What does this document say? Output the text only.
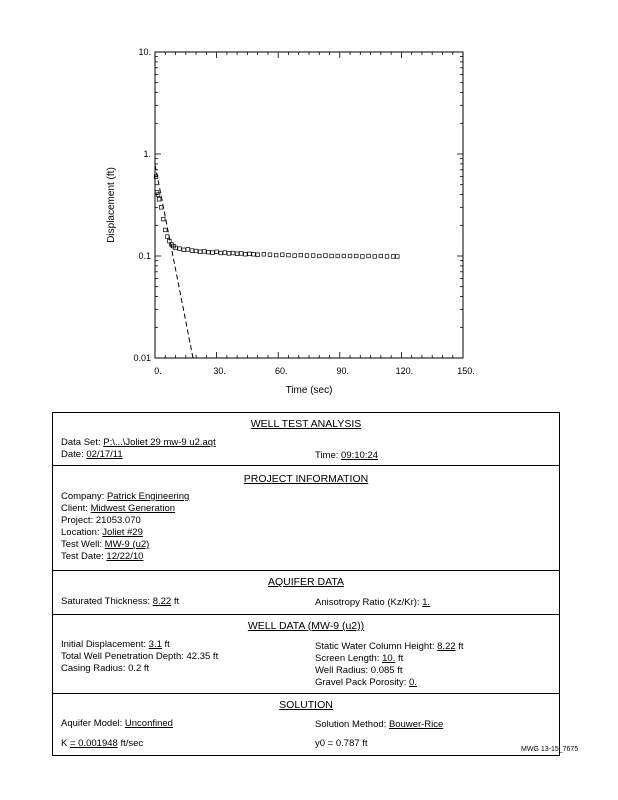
0.	30.	60.	90.	120.	150.
0.01
0.1
1.
10.
Time (sec)
Displacement (ft)
WELL TEST ANALYSIS
Data Set: P:\...\Joliet 29 mw-9 u2.aqt
Date: 02/17/11	Time: 09:10:24
PROJECT INFORMATION
Company: Patrick Engineering
Client: Midwest Generation
Project: 21053.070
Location: Joliet #29
Test Well: MW-9 (u2)
Test Date: 12/22/10
AQUIFER DATA
Saturated Thickness: 8.22 ft	Anisotropy Ratio (Kz/Kr): 1.
WELL DATA (MW-9 (u2))
Initial Displacement: 3.1 ft
Total Well Penetration Depth: 42.35 ft
Casing Radius: 0.2 ft
Static Water Column Height: 8.22 ft
Screen Length: 10. ft
Well Radius: 0.085 ft
Gravel Pack Porosity: 0.
SOLUTION
Aquifer Model: Unconfined	Solution Method: Bouwer-Rice
K = 0.001948 ft/sec	y0 = 0.787 ft
MWG 13-15_7675
